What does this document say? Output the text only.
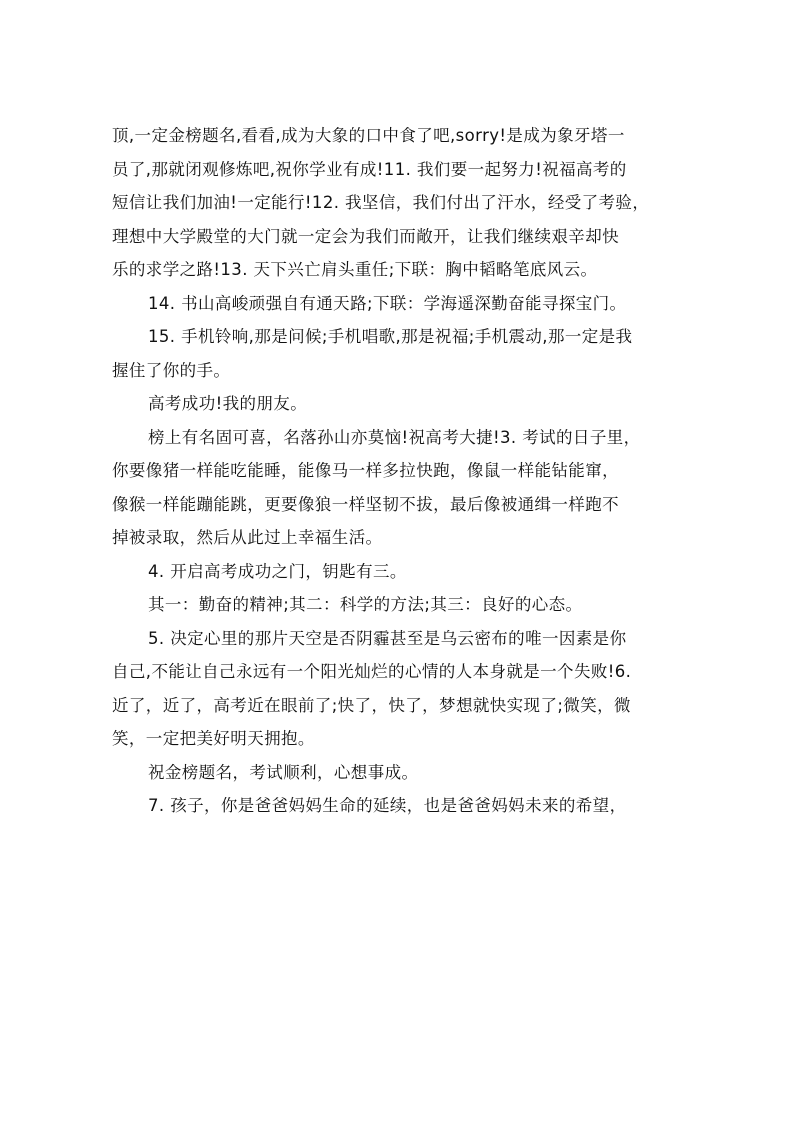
顶,一定金榜题名,看看,成为大象的口中食了吧,sorry!是成为象牙塔一
员了,那就闭观修炼吧,祝你学业有成!11. 我们要一起努力!祝福高考的
短信让我们加油!一定能行!12. 我坚信，我们付出了汗水，经受了考验，
理想中大学殿堂的大门就一定会为我们而敞开，让我们继续艰辛却快
乐的求学之路!13. 天下兴亡肩头重任;下联：胸中韬略笔底风云。
14. 书山高峻顽强自有通天路;下联：学海遥深勤奋能寻探宝门。
15. 手机铃响,那是问候;手机唱歌,那是祝福;手机震动,那一定是我
握住了你的手。
高考成功!我的朋友。
榜上有名固可喜，名落孙山亦莫恼!祝高考大捷!3. 考试的日子里，
你要像猪一样能吃能睡，能像马一样多拉快跑，像鼠一样能钻能窜，
像猴一样能蹦能跳，更要像狼一样坚韧不拔，最后像被通缉一样跑不
掉被录取，然后从此过上幸福生活。
4. 开启高考成功之门，钥匙有三。
其一：勤奋的精神;其二：科学的方法;其三：良好的心态。
5. 决定心里的那片天空是否阴霾甚至是乌云密布的唯一因素是你
自己,不能让自己永远有一个阳光灿烂的心情的人本身就是一个失败!6.
近了，近了，高考近在眼前了;快了，快了，梦想就快实现了;微笑，微
笑，一定把美好明天拥抱。
祝金榜题名，考试顺利，心想事成。
7. 孩子，你是爸爸妈妈生命的延续，也是爸爸妈妈未来的希望，
